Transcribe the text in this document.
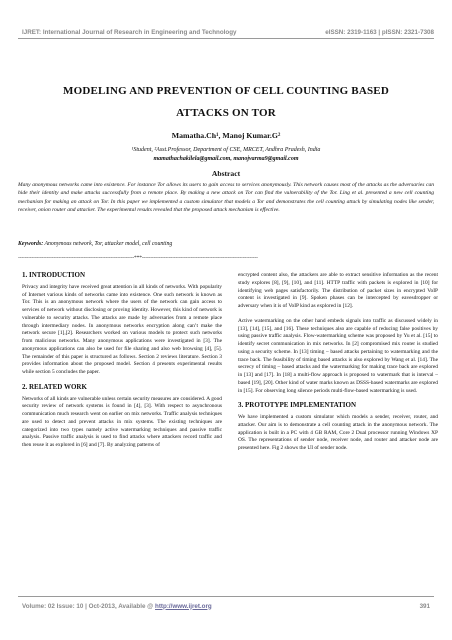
IJRET: International Journal of Research in Engineering and Technology	eISSN: 2319-1163 | pISSN: 2321-7308
MODELING AND PREVENTION OF CELL COUNTING BASED
ATTACKS ON TOR
Mamatha.Ch¹, Manoj Kumar.G²
¹Student, ²Asst.Professor, Department of CSE, MRCET, Andhra Pradesh, India
mamathachakilela@gmail.com, manojvarma9@gmail.com
Abstract
Many anonymous networks came into existence. For instance Tor allows its users to gain access to services anonymously. This network causes most of the attacks as the adversaries can hide their identity and make attacks successfully from a remote place. By making a new attack on Tor can find the vulnerability of the Tor. Ling et al. presented a new cell counting mechanism for making an attack on Tor. In this paper we implemented a custom simulator that models a Tor and demonstrates the cell counting attack by simulating nodes like sender, receiver, onion router and attacker. The experimental results revealed that the proposed attack mechanism is effective.
Keywords: Anonymous network, Tor, attacker model, cell counting
---------------------------------------------------------------------***---------------------------------------------------------------------
1. INTRODUCTION

Privacy and integrity have received great attention in all kinds of networks. With popularity of Internet various kinds of networks came into existence. One such network is known as Tor. This is an anonymous network where the users of the network can gain access to services of network without disclosing or proving identity. However, this kind of network is vulnerable to security attacks. The attacks are made by adversaries from a remote place through intermediary nodes. In anonymous networks encryption along can’t make the network secure [1],[2]. Researchers worked on various models to protect such networks from malicious networks. Many anonymous applications were investigated in [3]. The anonymous applications can also be used for file sharing and also web browsing [4], [5]. The remainder of this paper is structured as follows. Section 2 reviews literature. Section 3 provides information about the proposed model. Section 4 presents experimental results while section 5 concludes the paper.

2. RELATED WORK

Networks of all kinds are vulnerable unless certain security measures are considered. A good security review of network systems is found in [4], [3]. With respect to asynchronous communication much research went on earlier on mix networks. Traffic analysis techniques are used to detect and prevent attacks in mix systems. The existing techniques are categorized into two types namely active watermarking techniques and passive traffic analysis. Passive traffic analysis is used to find attacks where attackers record traffic and then reuse it as explored in [6] and [7]. By analyzing patterns of

encrypted content also, the attackers are able to extract sensitive information as the recent study explores [8], [9], [10], and [11]. HTTP traffic with packets is explored in [10] for identifying web pages satisfactorily. The distribution of packet sizes in encrypted VoIP content is investigated in [9]. Spoken phases can be intercepted by eavesdropper or adversary when it is of VoIP kind as explored in [12].

Active watermarking on the other hand embeds signals into traffic as discussed widely in [13], [14], [15], and [16]. These techniques also are capable of reducing false positives by using passive traffic analysis. Flow-watermarking scheme was proposed by Yu et al. [15] to identify secret communication in mix networks. In [2] compromised mix router is studied using a security scheme. In [13] timing – based attacks pertaining to watermarking and the trace back. The feasibility of timing based attacks is also explored by Wang et al. [14]. The secrecy of timing – based attacks and the watermarking for making trace back are explored in [13] and [17]. In [18] a multi-flow approach is proposed to watermark that is interval – based [19], [20]. Other kind of water marks known as DSSS-based watermarks are explored in [15]. For observing long silence periods multi-flow-based watermarking is used.

3. PROTOTYPE IMPLEMENTATION

We have implemented a custom simulator which models a sender, receiver, router, and attacker. Our aim is to demonstrate a cell counting attack in the anonymous network. The application is built in a PC with 4 GB RAM, Core 2 Dual processor running Windows XP OS. The representations of sender node, receiver node, and router and attacker node are presented here. Fig 2 shows the UI of sender node.

Volume: 02 Issue: 10 | Oct-2013, Available @ http://www.ijret.org	391
